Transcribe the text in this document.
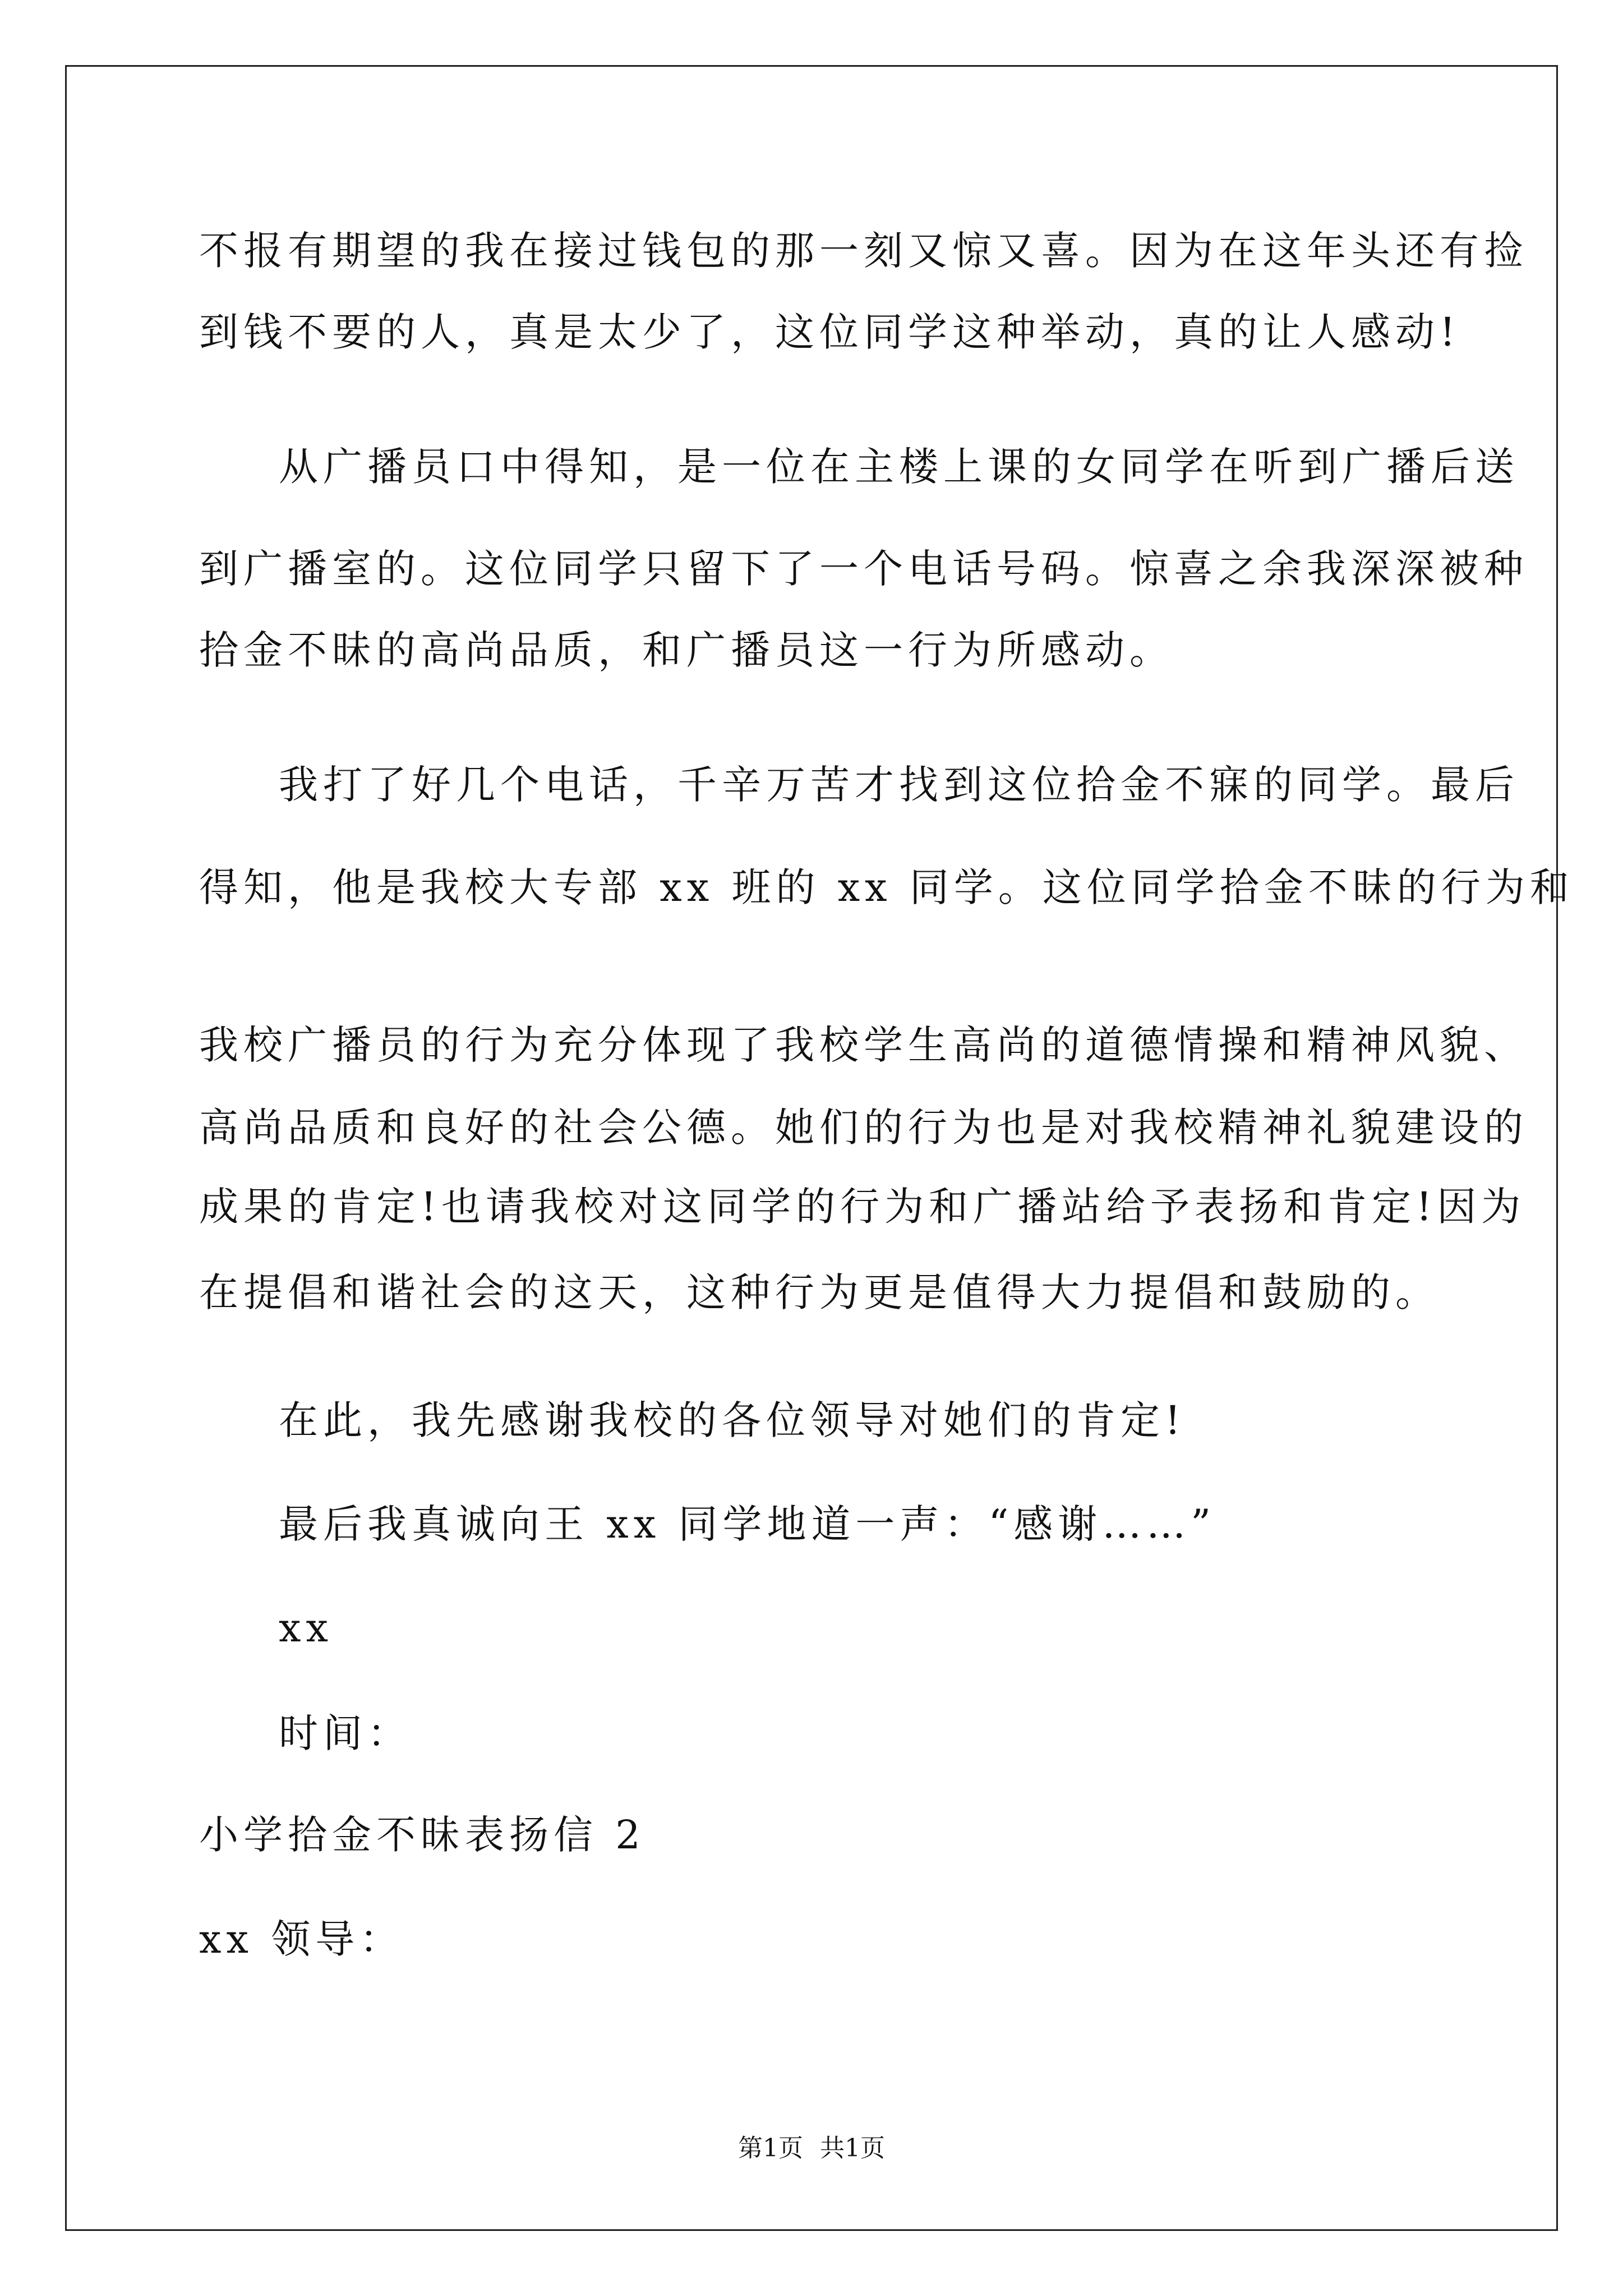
不报有期望的我在接过钱包的那一刻又惊又喜。因为在这年头还有捡
到钱不要的人，真是太少了，这位同学这种举动，真的让人感动!
从广播员口中得知，是一位在主楼上课的女同学在听到广播后送
到广播室的。这位同学只留下了一个电话号码。惊喜之余我深深被种
拾金不昧的高尚品质，和广播员这一行为所感动。
我打了好几个电话，千辛万苦才找到这位拾金不寐的同学。最后
得知，他是我校大专部 xx 班的 xx 同学。这位同学拾金不昧的行为和
我校广播员的行为充分体现了我校学生高尚的道德情操和精神风貌、
高尚品质和良好的社会公德。她们的行为也是对我校精神礼貌建设的
成果的肯定!也请我校对这同学的行为和广播站给予表扬和肯定!因为
在提倡和谐社会的这天，这种行为更是值得大力提倡和鼓励的。
在此，我先感谢我校的各位领导对她们的肯定!
最后我真诚向王 xx 同学地道一声：“感谢……”
xx
时间：
小学拾金不昧表扬信 2
xx 领导：
第1页 共1页
